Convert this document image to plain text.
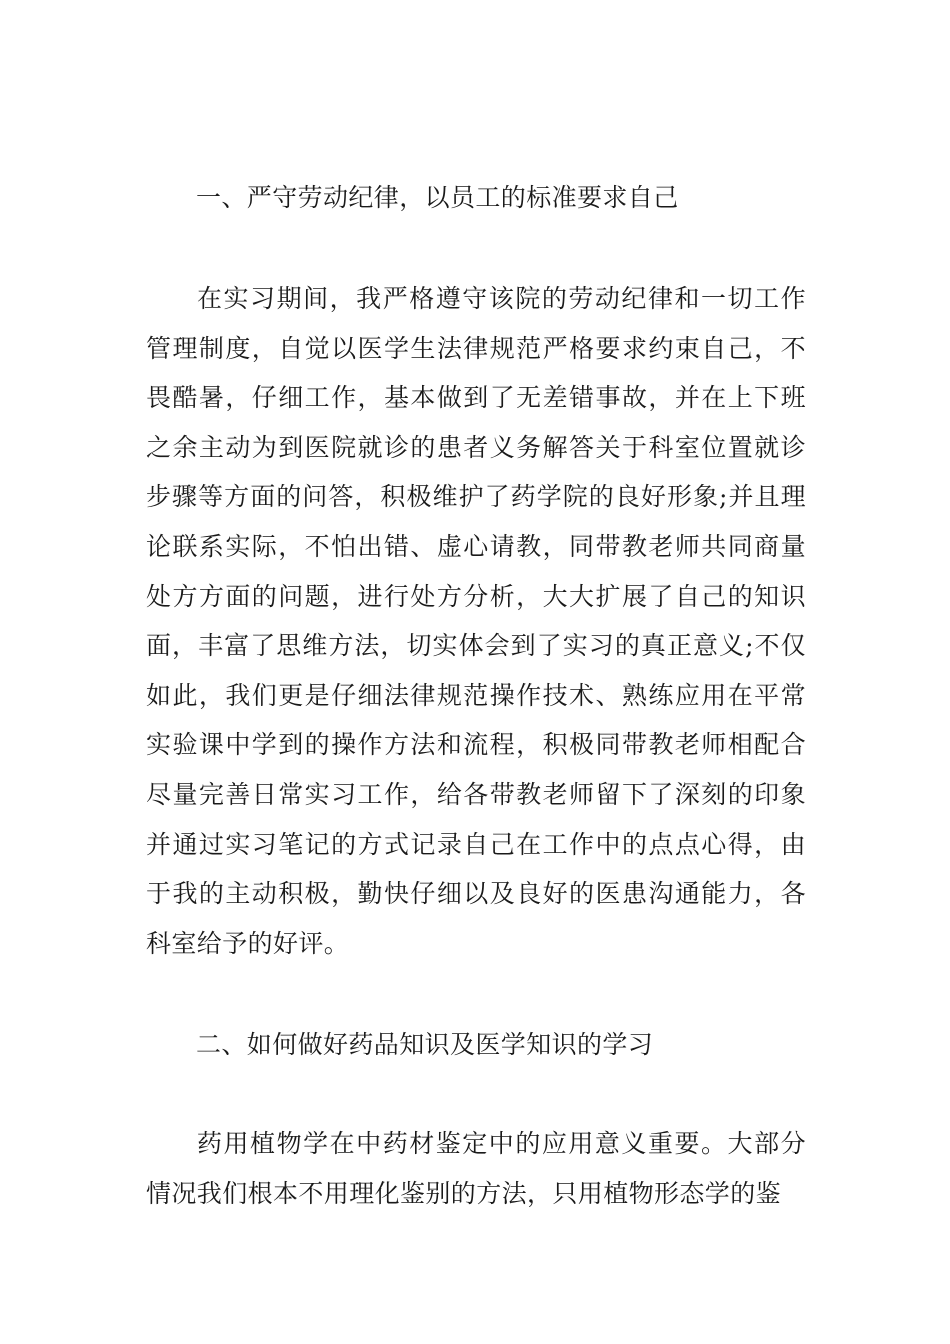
一、严守劳动纪律，以员工的标准要求自己
在实习期间，我严格遵守该院的劳动纪律和一切工作管理制度，自觉以医学生法律规范严格要求约束自己，不畏酷暑，仔细工作，基本做到了无差错事故，并在上下班之余主动为到医院就诊的患者义务解答关于科室位置就诊步骤等方面的问答，积极维护了药学院的良好形象;并且理论联系实际，不怕出错、虚心请教，同带教老师共同商量处方方面的问题，进行处方分析，大大扩展了自己的知识面，丰富了思维方法，切实体会到了实习的真正意义;不仅如此，我们更是仔细法律规范操作技术、熟练应用在平常实验课中学到的操作方法和流程，积极同带教老师相配合尽量完善日常实习工作，给各带教老师留下了深刻的印象并通过实习笔记的方式记录自己在工作中的点点心得，由于我的主动积极，勤快仔细以及良好的医患沟通能力，各科室给予的好评。
二、如何做好药品知识及医学知识的学习
药用植物学在中药材鉴定中的应用意义重要。大部分情况我们根本不用理化鉴别的方法，只用植物形态学的鉴
